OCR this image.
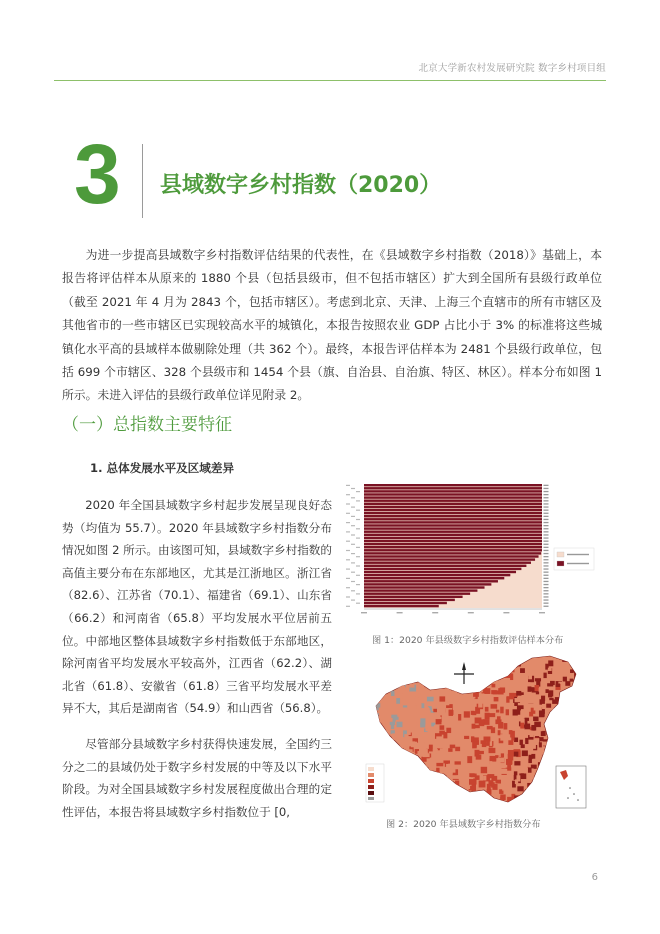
北京大学新农村发展研究院 数字乡村项目组
3 县域数字乡村指数（2020）

为进一步提高县域数字乡村指数评估结果的代表性，在《县域数字乡村指数（2018）》基础上，本报告将评估样本从原来的 1880 个县（包括县级市，但不包括市辖区）扩大到全国所有县级行政单位（截至 2021 年 4 月为 2843 个，包括市辖区）。考虑到北京、天津、上海三个直辖市的所有市辖区及其他省市的一些市辖区已实现较高水平的城镇化，本报告按照农业 GDP 占比小于 3% 的标准将这些城镇化水平高的县域样本做剔除处理（共 362 个）。最终，本报告评估样本为 2481 个县级行政单位，包括 699 个市辖区、328 个县级市和 1454 个县（旗、自治县、自治旗、特区、林区）。样本分布如图 1 所示。未进入评估的县级行政单位详见附录 2。

（一）总指数主要特征
1. 总体发展水平及区域差异

2020 年全国县域数字乡村起步发展呈现良好态势（均值为 55.7）。2020 年县域数字乡村指数分布情况如图 2 所示。由该图可知，县域数字乡村指数的高值主要分布在东部地区，尤其是江浙地区。浙江省（82.6）、江苏省（70.1）、福建省（69.1）、山东省（66.2）和河南省（65.8）平均发展水平位居前五位。中部地区整体县域数字乡村指数低于东部地区，除河南省平均发展水平较高外，江西省（62.2）、湖北省（61.8）、安徽省（61.8）三省平均发展水平差异不大，其后是湖南省（54.9）和山西省（56.8）。

尽管部分县域数字乡村获得快速发展，全国约三分之二的县域仍处于数字乡村发展的中等及以下水平阶段。为对全国县域数字乡村发展程度做出合理的定性评估，本报告将县域数字乡村指数位于 [0,

图 1：2020 年县级数字乡村指数评估样本分布
图 2：2020 年县域数字乡村指数分布
6
